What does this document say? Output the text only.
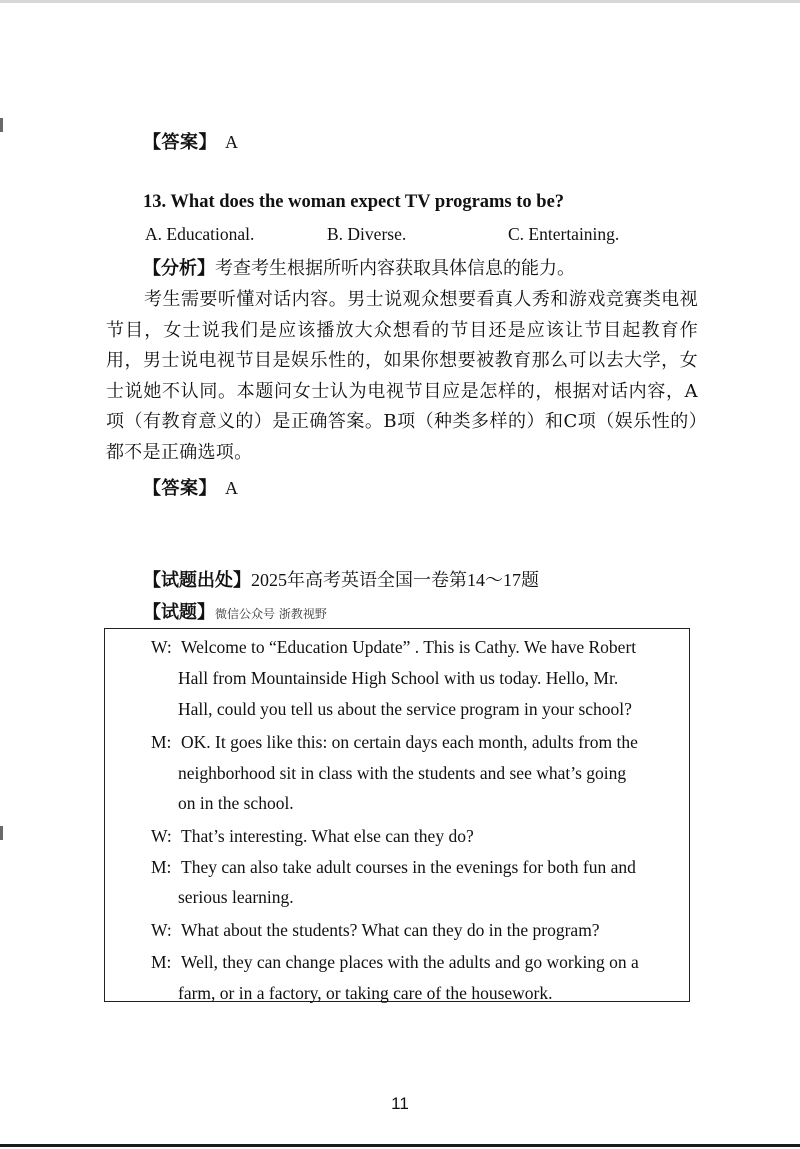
【答案】 A
13. What does the woman expect TV programs to be?
A. Educational.	B. Diverse.	C. Entertaining.
【分析】考查考生根据所听内容获取具体信息的能力。
考生需要听懂对话内容。男士说观众想要看真人秀和游戏竞赛类电视节目，女士说我们是应该播放大众想看的节目还是应该让节目起教育作用，男士说电视节目是娱乐性的，如果你想要被教育那么可以去大学，女士说她不认同。本题问女士认为电视节目应是怎样的，根据对话内容，A项（有教育意义的）是正确答案。B项（种类多样的）和C项（娱乐性的）都不是正确选项。
【答案】 A
【试题出处】2025年高考英语全国一卷第14～17题
【试题】微信公众号 浙教视野
W: Welcome to “Education Update” . This is Cathy. We have Robert
Hall from Mountainside High School with us today. Hello, Mr.
Hall, could you tell us about the service program in your school?
M: OK. It goes like this: on certain days each month, adults from the
neighborhood sit in class with the students and see what’s going
on in the school.
W: That’s interesting. What else can they do?
M: They can also take adult courses in the evenings for both fun and
serious learning.
W: What about the students? What can they do in the program?
M: Well, they can change places with the adults and go working on a
farm, or in a factory, or taking care of the housework.
11
